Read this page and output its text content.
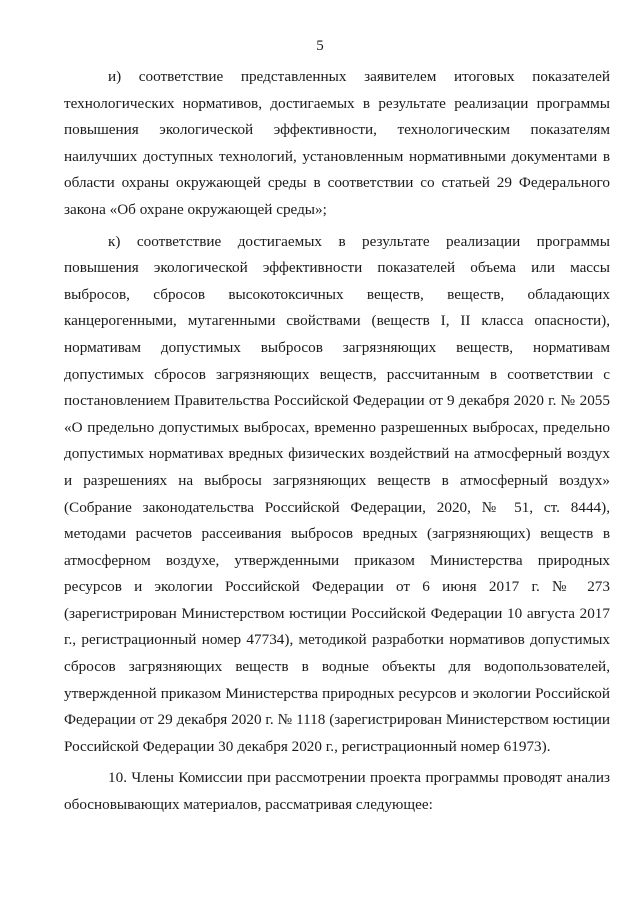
5

и) соответствие представленных заявителем итоговых показателей технологических нормативов, достигаемых в результате реализации программы повышения экологической эффективности, технологическим показателям наилучших доступных технологий, установленным нормативными документами в области охраны окружающей среды в соответствии со статьей 29 Федерального закона «Об охране окружающей среды»;

к) соответствие достигаемых в результате реализации программы повышения экологической эффективности показателей объема или массы выбросов, сбросов высокотоксичных веществ, веществ, обладающих канцерогенными, мутагенными свойствами (веществ I, II класса опасности), нормативам допустимых выбросов загрязняющих веществ, нормативам допустимых сбросов загрязняющих веществ, рассчитанным в соответствии с постановлением Правительства Российской Федерации от 9 декабря 2020 г. № 2055 «О предельно допустимых выбросах, временно разрешенных выбросах, предельно допустимых нормативах вредных физических воздействий на атмосферный воздух и разрешениях на выбросы загрязняющих веществ в атмосферный воздух» (Собрание законодательства Российской Федерации, 2020, № 51, ст. 8444), методами расчетов рассеивания выбросов вредных (загрязняющих) веществ в атмосферном воздухе, утвержденными приказом Министерства природных ресурсов и экологии Российской Федерации от 6 июня 2017 г. № 273 (зарегистрирован Министерством юстиции Российской Федерации 10 августа 2017 г., регистрационный номер 47734), методикой разработки нормативов допустимых сбросов загрязняющих веществ в водные объекты для водопользователей, утвержденной приказом Министерства природных ресурсов и экологии Российской Федерации от 29 декабря 2020 г. № 1118 (зарегистрирован Министерством юстиции Российской Федерации 30 декабря 2020 г., регистрационный номер 61973).

10. Члены Комиссии при рассмотрении проекта программы проводят анализ обосновывающих материалов, рассматривая следующее:
